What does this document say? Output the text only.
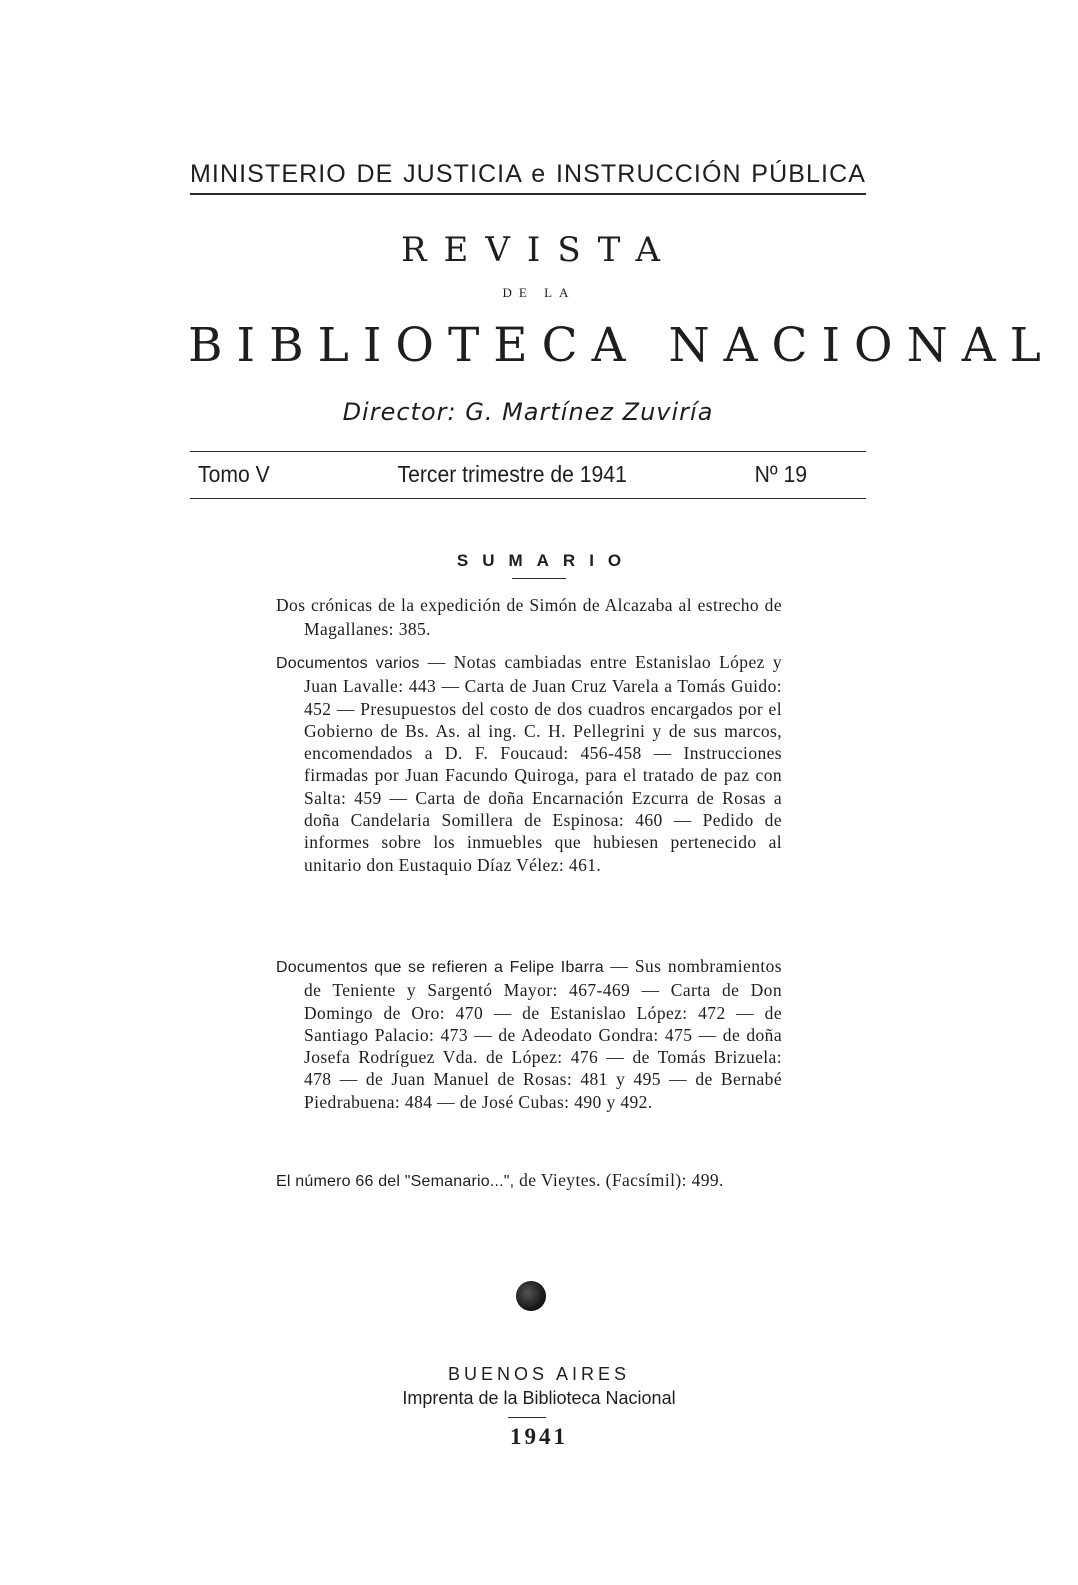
MINISTERIO DE JUSTICIA e INSTRUCCIÓN PÚBLICA
REVISTA
DE LA
BIBLIOTECA NACIONAL
Director: G. Martínez Zuviría
Tomo V	Tercer trimestre de 1941	Nº 19
SUMARIO
Dos crónicas de la expedición de Simón de Alcazaba al estrecho de Magallanes: 385.
Documentos varios — Notas cambiadas entre Estanislao López y Juan Lavalle: 443 — Carta de Juan Cruz Varela a Tomás Guido: 452 — Presupuestos del costo de dos cuadros encargados por el Gobierno de Bs. As. al ing. C. H. Pellegrini y de sus marcos, encomendados a D. F. Foucaud: 456-458 — Instrucciones firmadas por Juan Facundo Quiroga, para el tratado de paz con Salta: 459 — Carta de doña Encarnación Ezcurra de Rosas a doña Candelaria Somillera de Espinosa: 460 — Pedido de informes sobre los inmuebles que hubiesen pertenecido al unitario don Eustaquio Díaz Vélez: 461.
Documentos que se refieren a Felipe Ibarra — Sus nombramientos de Teniente y Sargentó Mayor: 467-469 — Carta de Don Domingo de Oro: 470 — de Estanislao López: 472 — de Santiago Palacio: 473 — de Adeodato Gondra: 475 — de doña Josefa Rodríguez Vda. de López: 476 — de Tomás Brizuela: 478 — de Juan Manuel de Rosas: 481 y 495 — de Bernabé Piedrabuena: 484 — de José Cubas: 490 y 492.
El número 66 del "Semanario...", de Vieytes. (Facsímil): 499.
BUENOS AIRES
Imprenta de la Biblioteca Nacional
1941
